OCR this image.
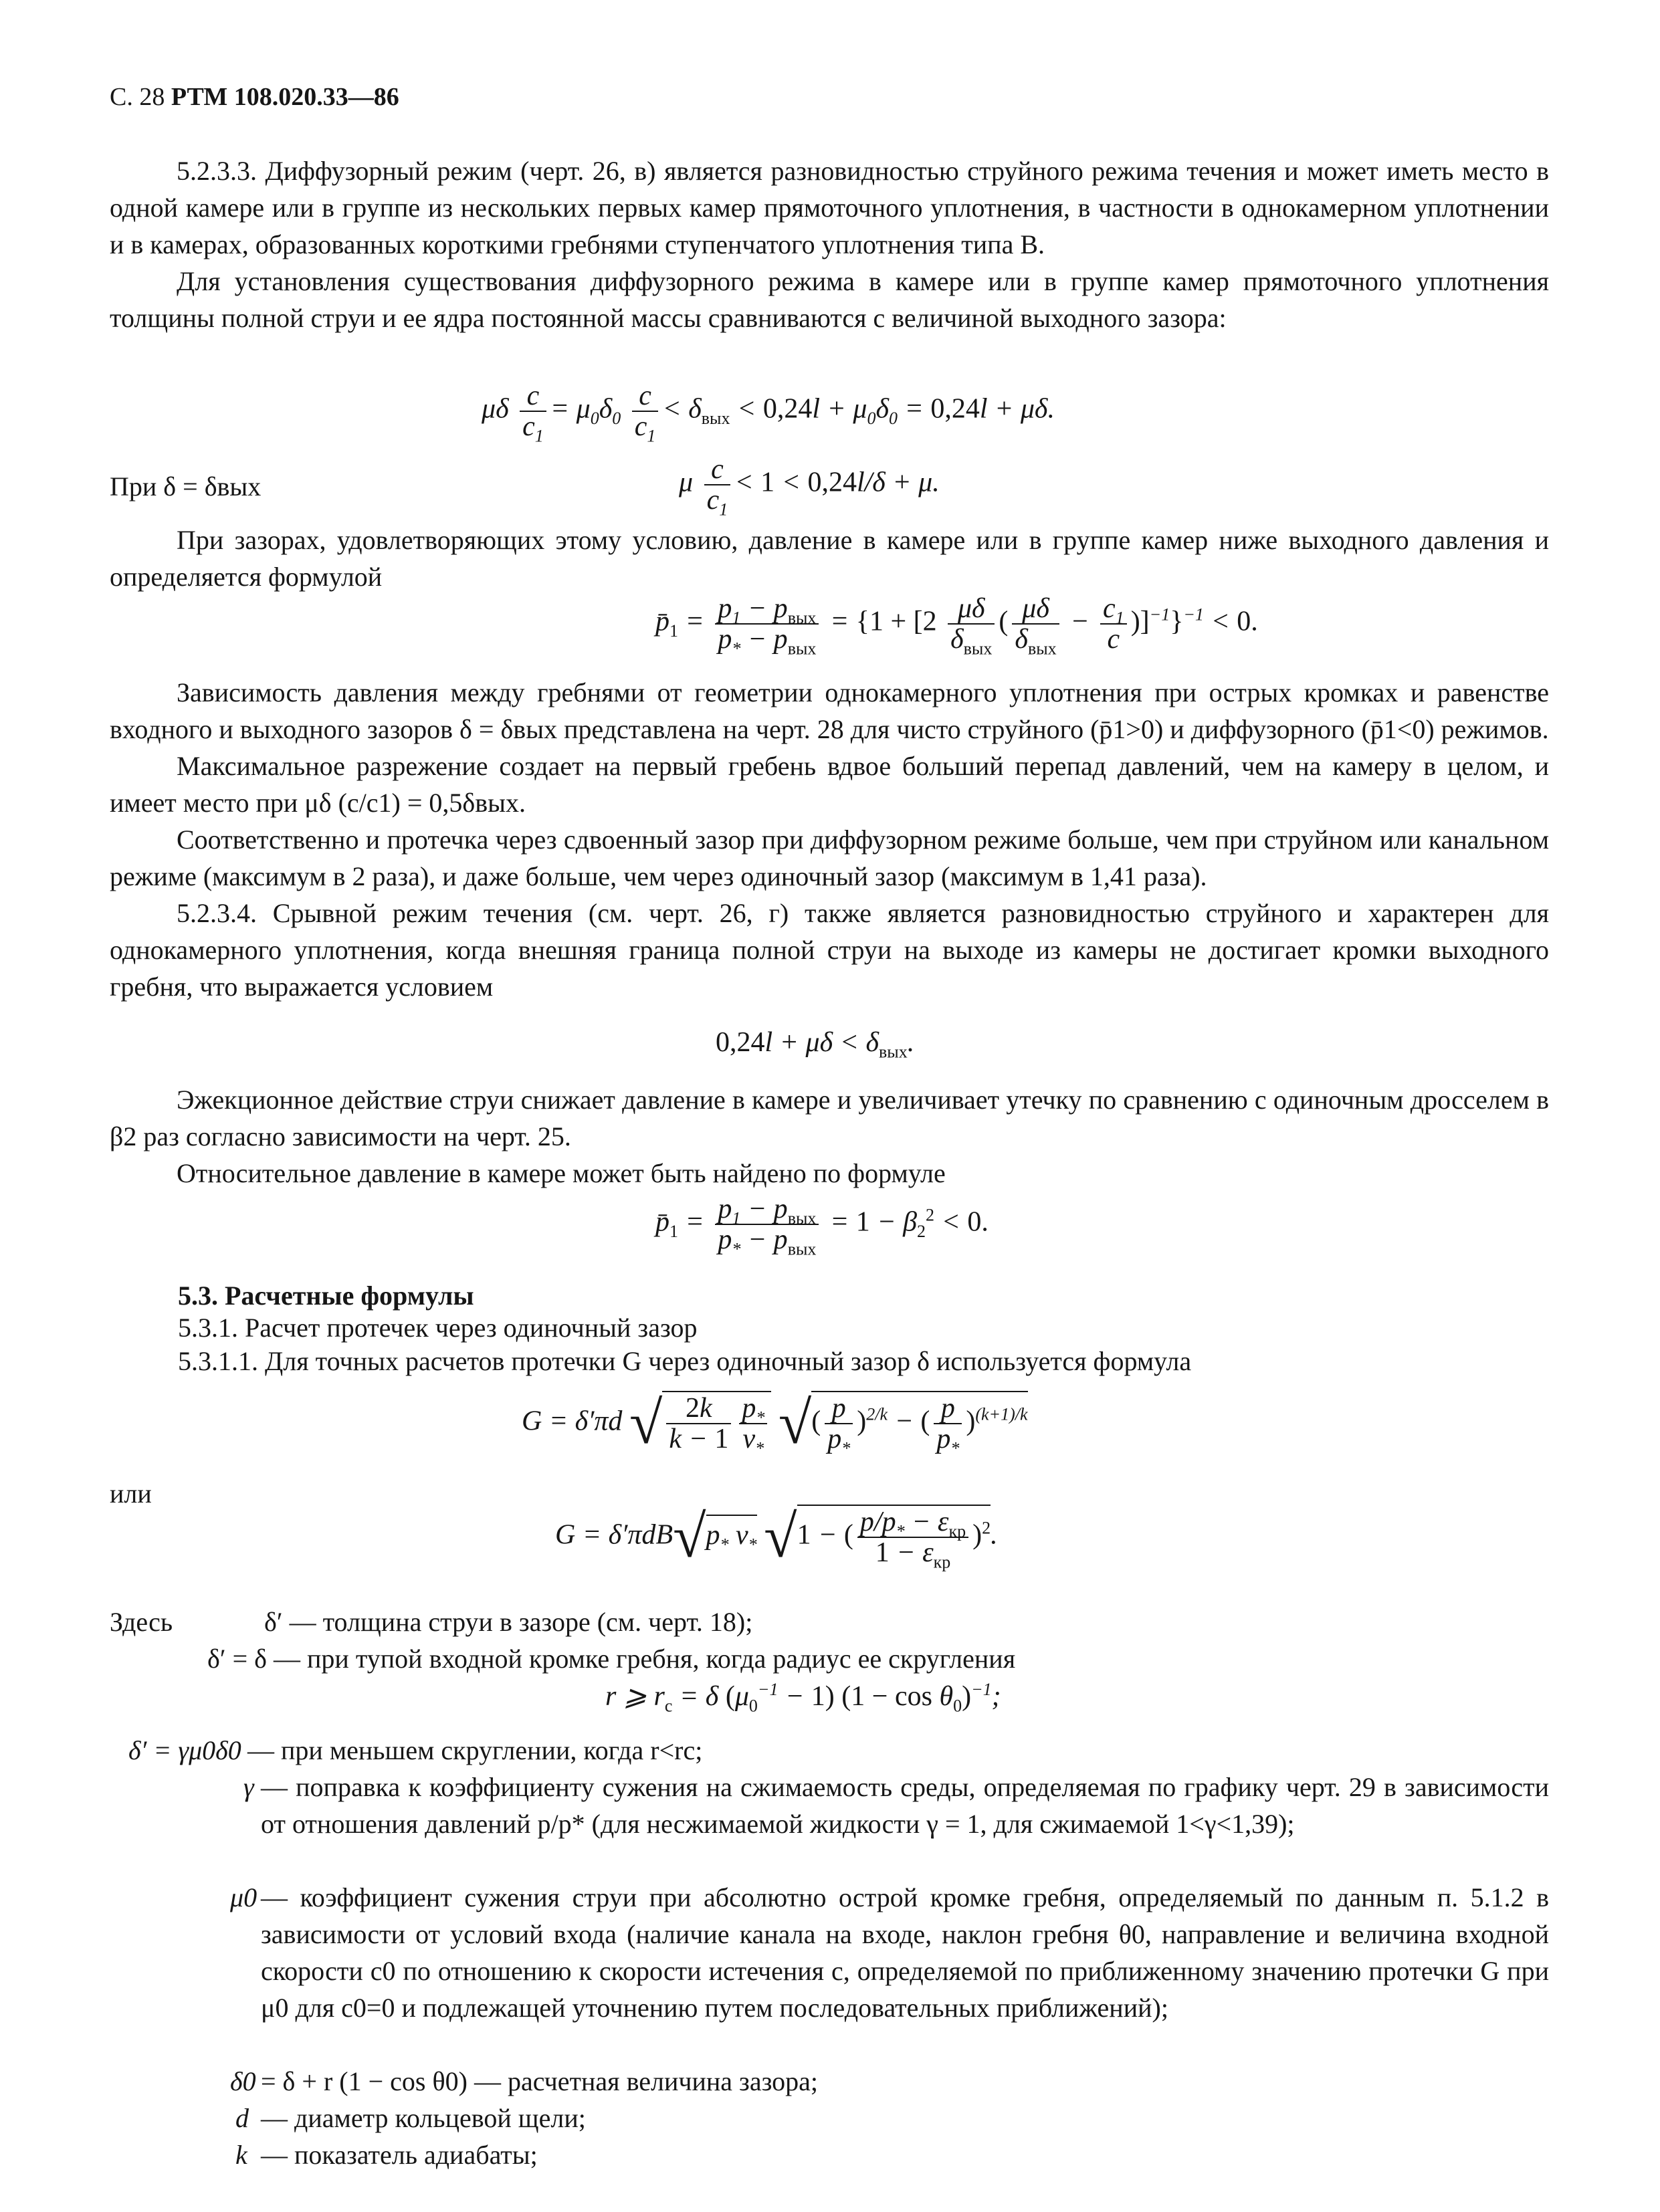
С. 28 РТМ 108.020.33—86

5.2.3.3. Диффузорный режим (черт. 26, в) является разновидностью струйного режима течения и может иметь место в одной камере или в группе из нескольких первых камер прямоточного уплотнения, в частности в однокамерном уплотнении и в камерах, образованных короткими гребнями ступенчатого уплотнения типа В.

Для установления существования диффузорного режима в камере или в группе камер прямоточного уплотнения толщины полной струи и ее ядра постоянной массы сравниваются с величиной выходного зазора:

μδ $\frac{c}{c_1} = \mu_0\delta_0 \frac{c}{c_1} < \delta_{вых} < 0,24l + \mu_0\delta_0 = 0,24l + \mu\delta$.
При δ = δвых	μ $\frac{c}{c_1} < 1 < 0,24l/\delta + \mu$.

При зазорах, удовлетворяющих этому условию, давление в камере или в группе камер ниже выходного давления и определяется формулой

$p̄_1 = \frac{p_1 - p_{вых}}{p_* - p_{вых}} = \{1 + [2 \frac{\mu\delta}{\delta_{вых}}$ ( $\frac{\mu\delta}{\delta_{вых}} - \frac{c_1}{c} )]^{-1}\}^{-1} < 0$.

Зависимость давления между гребнями от геометрии однокамерного уплотнения при острых кромках и равенстве входного и выходного зазоров δ = δвых представлена на черт. 28 для чисто струйного (p̄1>0) и диффузорного (p̄1<0) режимов.

Максимальное разрежение создает на первый гребень вдвое больший перепад давлений, чем на камеру в целом, и имеет место при μδ (c/c1) = 0,5δвых.

Соответственно и протечка через сдвоенный зазор при диффузорном режиме больше, чем при струйном или канальном режиме (максимум в 2 раза), и даже больше, чем через одиночный зазор (максимум в 1,41 раза).

5.2.3.4. Срывной режим течения (см. черт. 26, г) также является разновидностью струйного и характерен для однокамерного уплотнения, когда внешняя граница полной струи на выходе из камеры не достигает кромки выходного гребня, что выражается условием

$0,24l + \mu\delta < \delta_{вых}$.

Эжекционное действие струи снижает давление в камере и увеличивает утечку по сравнению с одиночным дросселем в β2 раз согласно зависимости на черт. 25.

Относительное давление в камере может быть найдено по формуле

$p̄_1 = \frac{p_1 - p_{вых}}{p_* - p_{вых}} = 1 - \beta_2^2 < 0$.
5.3. Расчетные формулы
5.3.1. Расчет протечек через одиночный зазор
5.3.1.1. Для точных расчетов протечки G через одиночный зазор δ используется формула
G = δ′πd √ $\frac{2k}{k - 1} \frac{p_*}{v_*}$ √( $\frac{p}{p_*} )^{2/k}$ − ( $\frac{p}{p_*} )^{(k+1)/k}$
или
$G = \delta'\pi dB√p_*$ $v_*$ √1 − ( $\frac{p/p_* - \varepsilon_{кр}}{1 - \varepsilon_{кр}} )^2$.
Здесь	δ′ — толщина струи в зазоре (см. черт. 18);
δ′ = δ — при тупой входной кромке гребня, когда радиус ее скругления
r ⩾ $r_c = \delta$ $(\mu_0^{-1} - 1) (1 - \cos \theta_0)^{-1}$;
δ′ = γμ0δ0 — при меньшем скруглении, когда r<rc;
γ — поправка к коэффициенту сужения на сжимаемость среды, определяемая по графику черт. 29 в зависимости от отношения давлений p/p* (для несжимаемой жидкости γ = 1, для сжимаемой 1<γ<1,39);
μ0 — коэффициент сужения струи при абсолютно острой кромке гребня, определяемый по данным п. 5.1.2 в зависимости от условий входа (наличие канала на входе, наклон гребня θ0, направление и величина входной скорости c0 по отношению к скорости истечения c, определяемой по приближенному значению протечки G при μ0 для c0=0 и подлежащей уточнению путем последовательных приближений);
δ0 = δ + r (1 − cos θ0) — расчетная величина зазора;
d — диаметр кольцевой щели;
k — показатель адиабаты;
